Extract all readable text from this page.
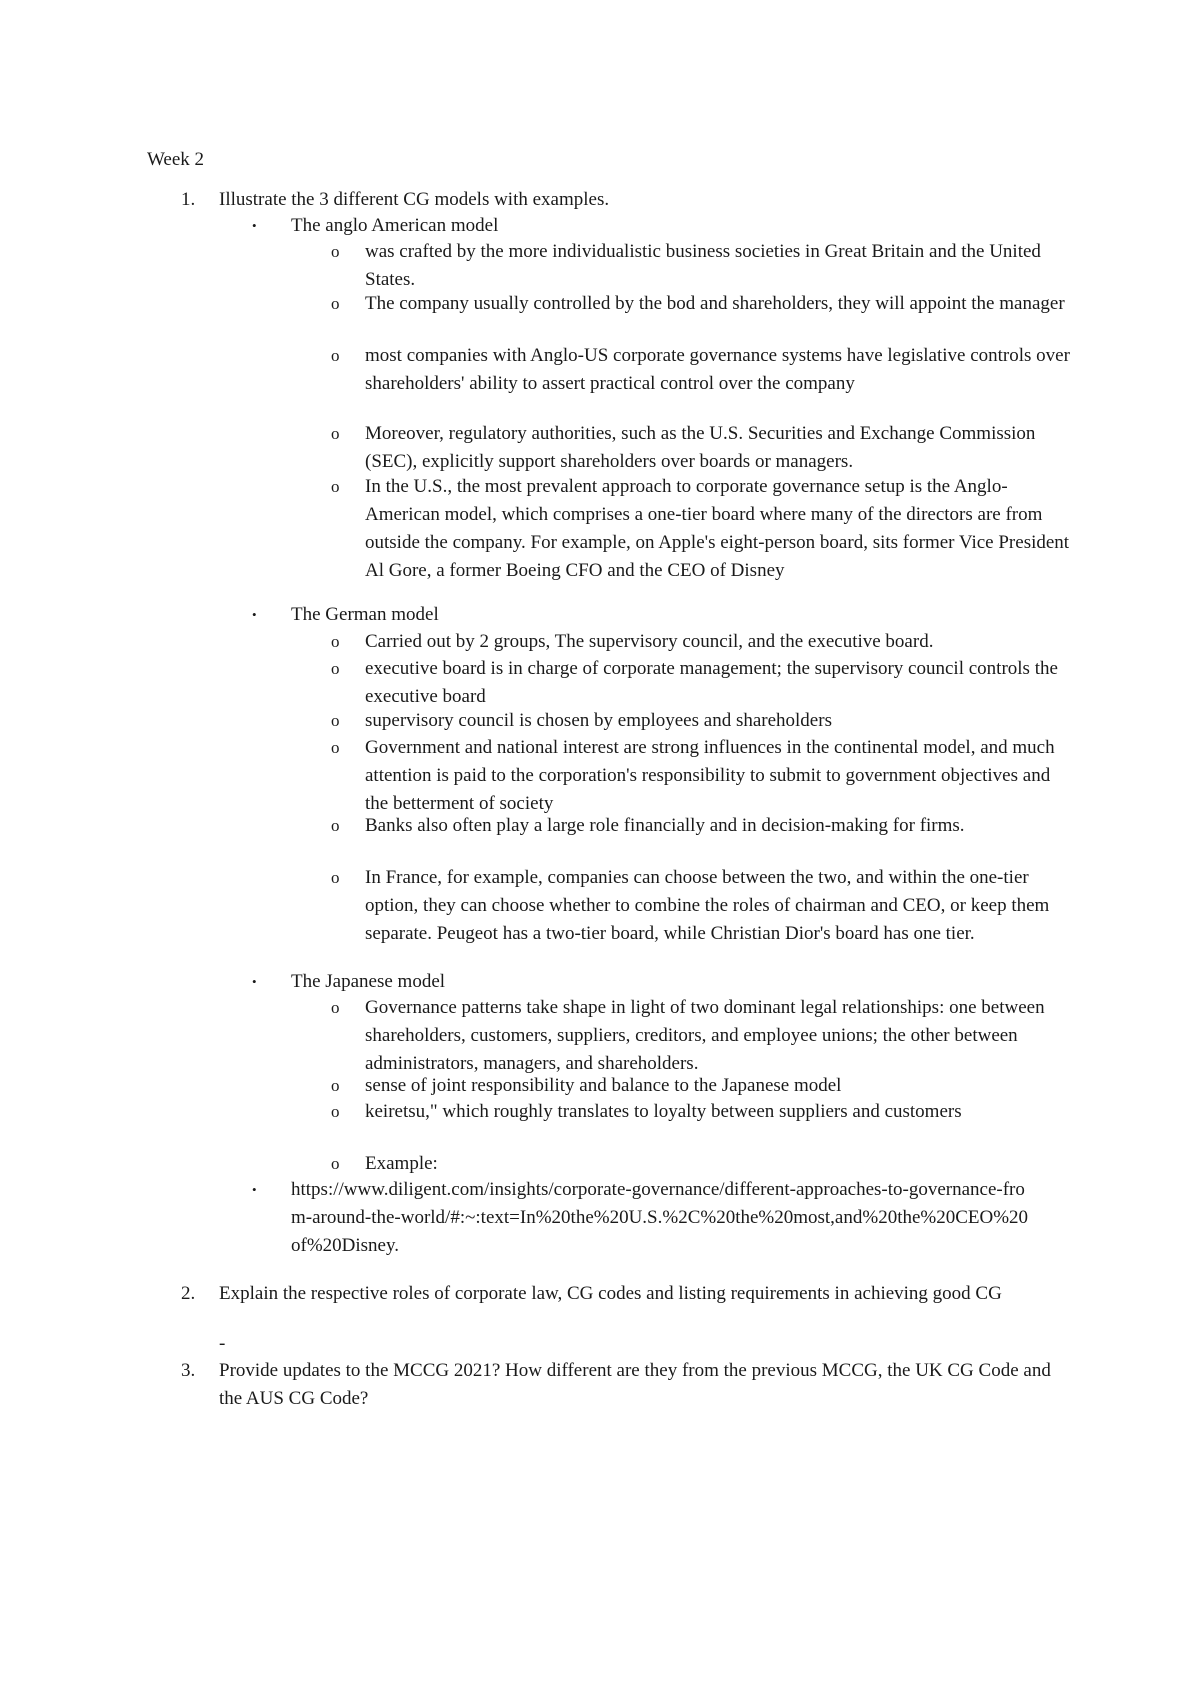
Week 2
1.	Illustrate the 3 different CG models with examples.
• The anglo American model
o was crafted by the more individualistic business societies in Great Britain and the United States.
o The company usually controlled by the bod and shareholders, they will appoint the manager
o most companies with Anglo-US corporate governance systems have legislative controls over shareholders' ability to assert practical control over the company
o Moreover, regulatory authorities, such as the U.S. Securities and Exchange Commission (SEC), explicitly support shareholders over boards or managers.
o In the U.S., the most prevalent approach to corporate governance setup is the Anglo-American model, which comprises a one-tier board where many of the directors are from outside the company. For example, on Apple's eight-person board, sits former Vice President Al Gore, a former Boeing CFO and the CEO of Disney
• The German model
o Carried out by 2 groups, The supervisory council, and the executive board.
o executive board is in charge of corporate management; the supervisory council controls the executive board
o supervisory council is chosen by employees and shareholders
o Government and national interest are strong influences in the continental model, and much attention is paid to the corporation's responsibility to submit to government objectives and the betterment of society
o Banks also often play a large role financially and in decision-making for firms.
o In France, for example, companies can choose between the two, and within the one-tier option, they can choose whether to combine the roles of chairman and CEO, or keep them separate. Peugeot has a two-tier board, while Christian Dior's board has one tier.
• The Japanese model
o Governance patterns take shape in light of two dominant legal relationships: one between shareholders, customers, suppliers, creditors, and employee unions; the other between administrators, managers, and shareholders.
o sense of joint responsibility and balance to the Japanese model
o keiretsu," which roughly translates to loyalty between suppliers and customers
o Example:
• https://www.diligent.com/insights/corporate-governance/different-approaches-to-governance-from-around-the-world/#:~:text=In%20the%20U.S.%2C%20the%20most,and%20the%20CEO%20of%20Disney.
2.	Explain the respective roles of corporate law, CG codes and listing requirements in achieving good CG
-
3.	Provide updates to the MCCG 2021? How different are they from the previous MCCG, the UK CG Code and the AUS CG Code?
